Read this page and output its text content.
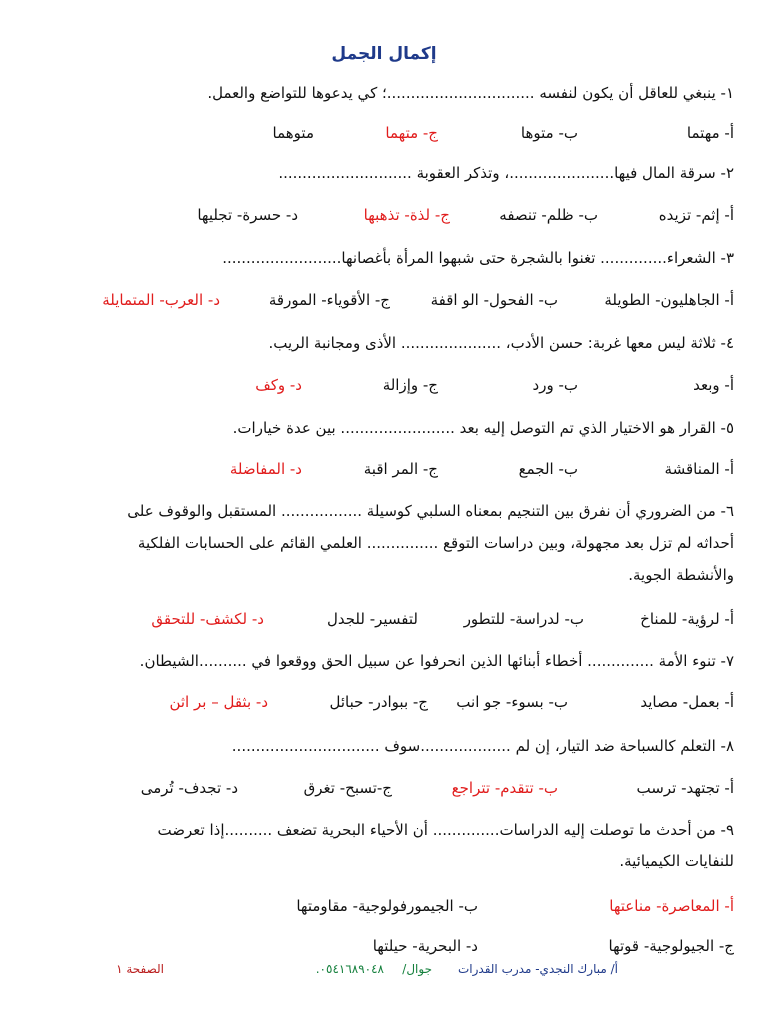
إكمال الجمل
١- ينبغي للعاقل أن يكون لنفسه ...............................؛ كي يدعوها للتواضع والعمل.
أ- مهتما
ب- متوها
ج- متهما
متوهما
٢- سرقة المال فيها......................، وتذكر العقوبة ............................
أ- إثم- تزيده
ب- ظلم- تنصفه
ج- لذة- تذهبها
د- حسرة- تجليها
٣- الشعراء.............. تغنوا بالشجرة حتى شبهوا المرأة بأغصانها.........................
أ- الجاهليون- الطويلة
ب- الفحول- الو اقفة
ج- الأقوياء- المورقة
د- العرب- المتمايلة
٤- ثلاثة ليس معها غربة: حسن الأدب، ..................... الأذى ومجانبة الريب.
أ- وبعد
ب- ورد
ج- وإزالة
د- وكف
٥- القرار هو الاختيار الذي تم التوصل إليه بعد ........................ بين عدة خيارات.
أ- المناقشة
ب- الجمع
ج- المر اقبة
د- المفاضلة
٦- من الضروري أن نفرق بين التنجيم بمعناه السلبي كوسيلة ................. المستقبل والوقوف على
أحداثه لم تزل بعد مجهولة، وبين دراسات التوقع ............... العلمي القائم على الحسابات الفلكية
والأنشطة الجوية.
أ- لرؤية- للمناخ
ب- لدراسة- للتطور
لتفسير- للجدل
د- لكشف- للتحقق
٧- تنوء الأمة .............. أخطاء أبنائها الذين انحرفوا عن سبيل الحق ووقعوا في ..........الشيطان.
أ- بعمل- مصايد
ب- بسوء- جو انب
ج- ببوادر- حبائل
د- بثقل – بر اثن
٨- التعلم كالسباحة ضد التيار، إن لم ...................سوف ...............................
أ- تجتهد- ترسب
ب- تتقدم- تتراجع
ج-تسبح- تغرق
د- تجدف- تُرمى
٩- من أحدث ما توصلت إليه الدراسات.............. أن الأحياء البحرية تضعف ..........إذا تعرضت
للنفايات الكيميائية.
أ- المعاصرة- مناعتها
ب- الجيمورفولوجية- مقاومتها
ج- الجيولوجية- قوتها
د- البحرية- حيلتها
أ/ مبارك النجدي- مدرب القدرات
جوال/
٠٥٤١٦٨٩٠٤٨.
الصفحة ١
